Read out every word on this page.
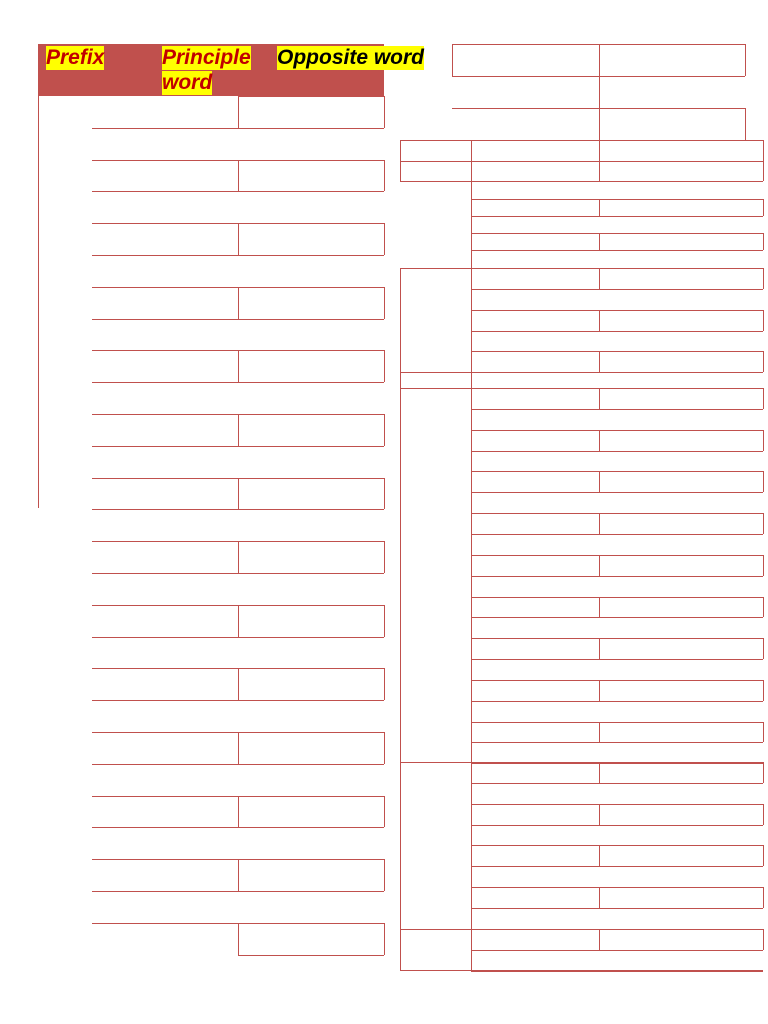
Prefix	Principle
word
Opposite word
